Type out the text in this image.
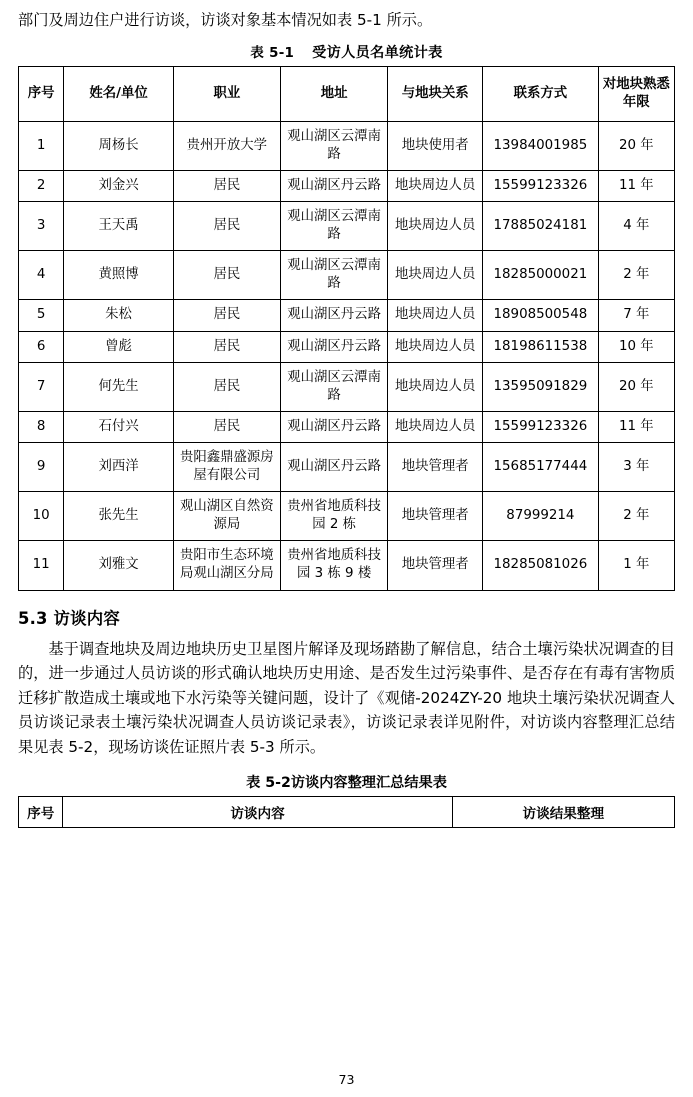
部门及周边住户进行访谈，访谈对象基本情况如表 5-1 所示。

表 5-1 受访人员名单统计表
序号	姓名/单位	职业	地址	与地块关系	联系方式	对地块熟悉年限
1	周杨长	贵州开放大学	观山湖区云潭南路	地块使用者	13984001985	20 年
2	刘金兴	居民	观山湖区丹云路	地块周边人员	15599123326	11 年
3	王天禹	居民	观山湖区云潭南路	地块周边人员	17885024181	4 年
4	黄照博	居民	观山湖区云潭南路	地块周边人员	18285000021	2 年
5	朱松	居民	观山湖区丹云路	地块周边人员	18908500548	7 年
6	曾彪	居民	观山湖区丹云路	地块周边人员	18198611538	10 年
7	何先生	居民	观山湖区云潭南路	地块周边人员	13595091829	20 年
8	石付兴	居民	观山湖区丹云路	地块周边人员	15599123326	11 年
9	刘西洋	贵阳鑫鼎盛源房屋有限公司	观山湖区丹云路	地块管理者	15685177444	3 年
10	张先生	观山湖区自然资源局	贵州省地质科技园 2 栋	地块管理者	87999214	2 年
11	刘雅文	贵阳市生态环境局观山湖区分局	贵州省地质科技园 3 栋 9 楼	地块管理者	18285081026	1 年
5.3 访谈内容

基于调查地块及周边地块历史卫星图片解译及现场踏勘了解信息，结合土壤污染状况调查的目的，进一步通过人员访谈的形式确认地块历史用途、是否发生过污染事件、是否存在有毒有害物质迁移扩散造成土壤或地下水污染等关键问题，设计了《观储-2024ZY-20 地块土壤污染状况调查人员访谈记录表土壤污染状况调查人员访谈记录表》，访谈记录表详见附件，对访谈内容整理汇总结果见表 5-2，现场访谈佐证照片表 5-3 所示。

表 5-2访谈内容整理汇总结果表
序号	访谈内容	访谈结果整理
73
